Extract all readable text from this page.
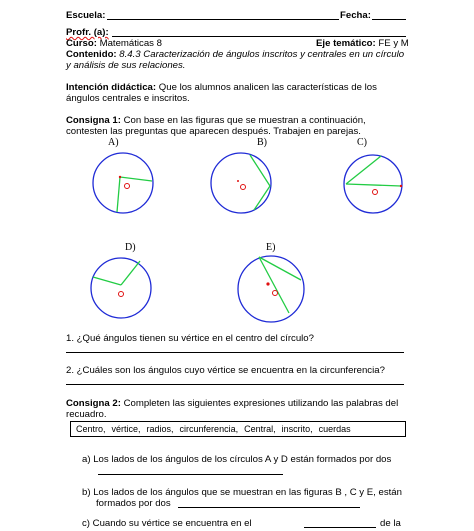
Escuela:	Fecha:
Profr. (a):
Curso: Matemáticas 8	Eje temático: FE y M
Contenido: 8.4.3 Caracterización de ángulos inscritos y centrales en un círculo
y análisis de sus relaciones.
Intención didáctica: Que los alumnos analicen las características de los
ángulos centrales e inscritos.
Consigna 1: Con base en las figuras que se muestran a continuación,
contesten las preguntas que aparecen después. Trabajen en parejas.
A)	B)	C)
D)	E)
1. ¿Qué ángulos tienen su vértice en el centro del círculo?
2. ¿Cuáles son los ángulos cuyo vértice se encuentra en la circunferencia?
Consigna 2: Completen las siguientes expresiones utilizando las palabras del
recuadro.
Centro, vértice, radios, circunferencia, Central, inscrito, cuerdas
a) Los lados de los ángulos de los círculos A y D están formados por dos
b) Los lados de los ángulos que se muestran en las figuras B , C y E, están
formados por dos
c) Cuando su vértice se encuentra en el	de la
